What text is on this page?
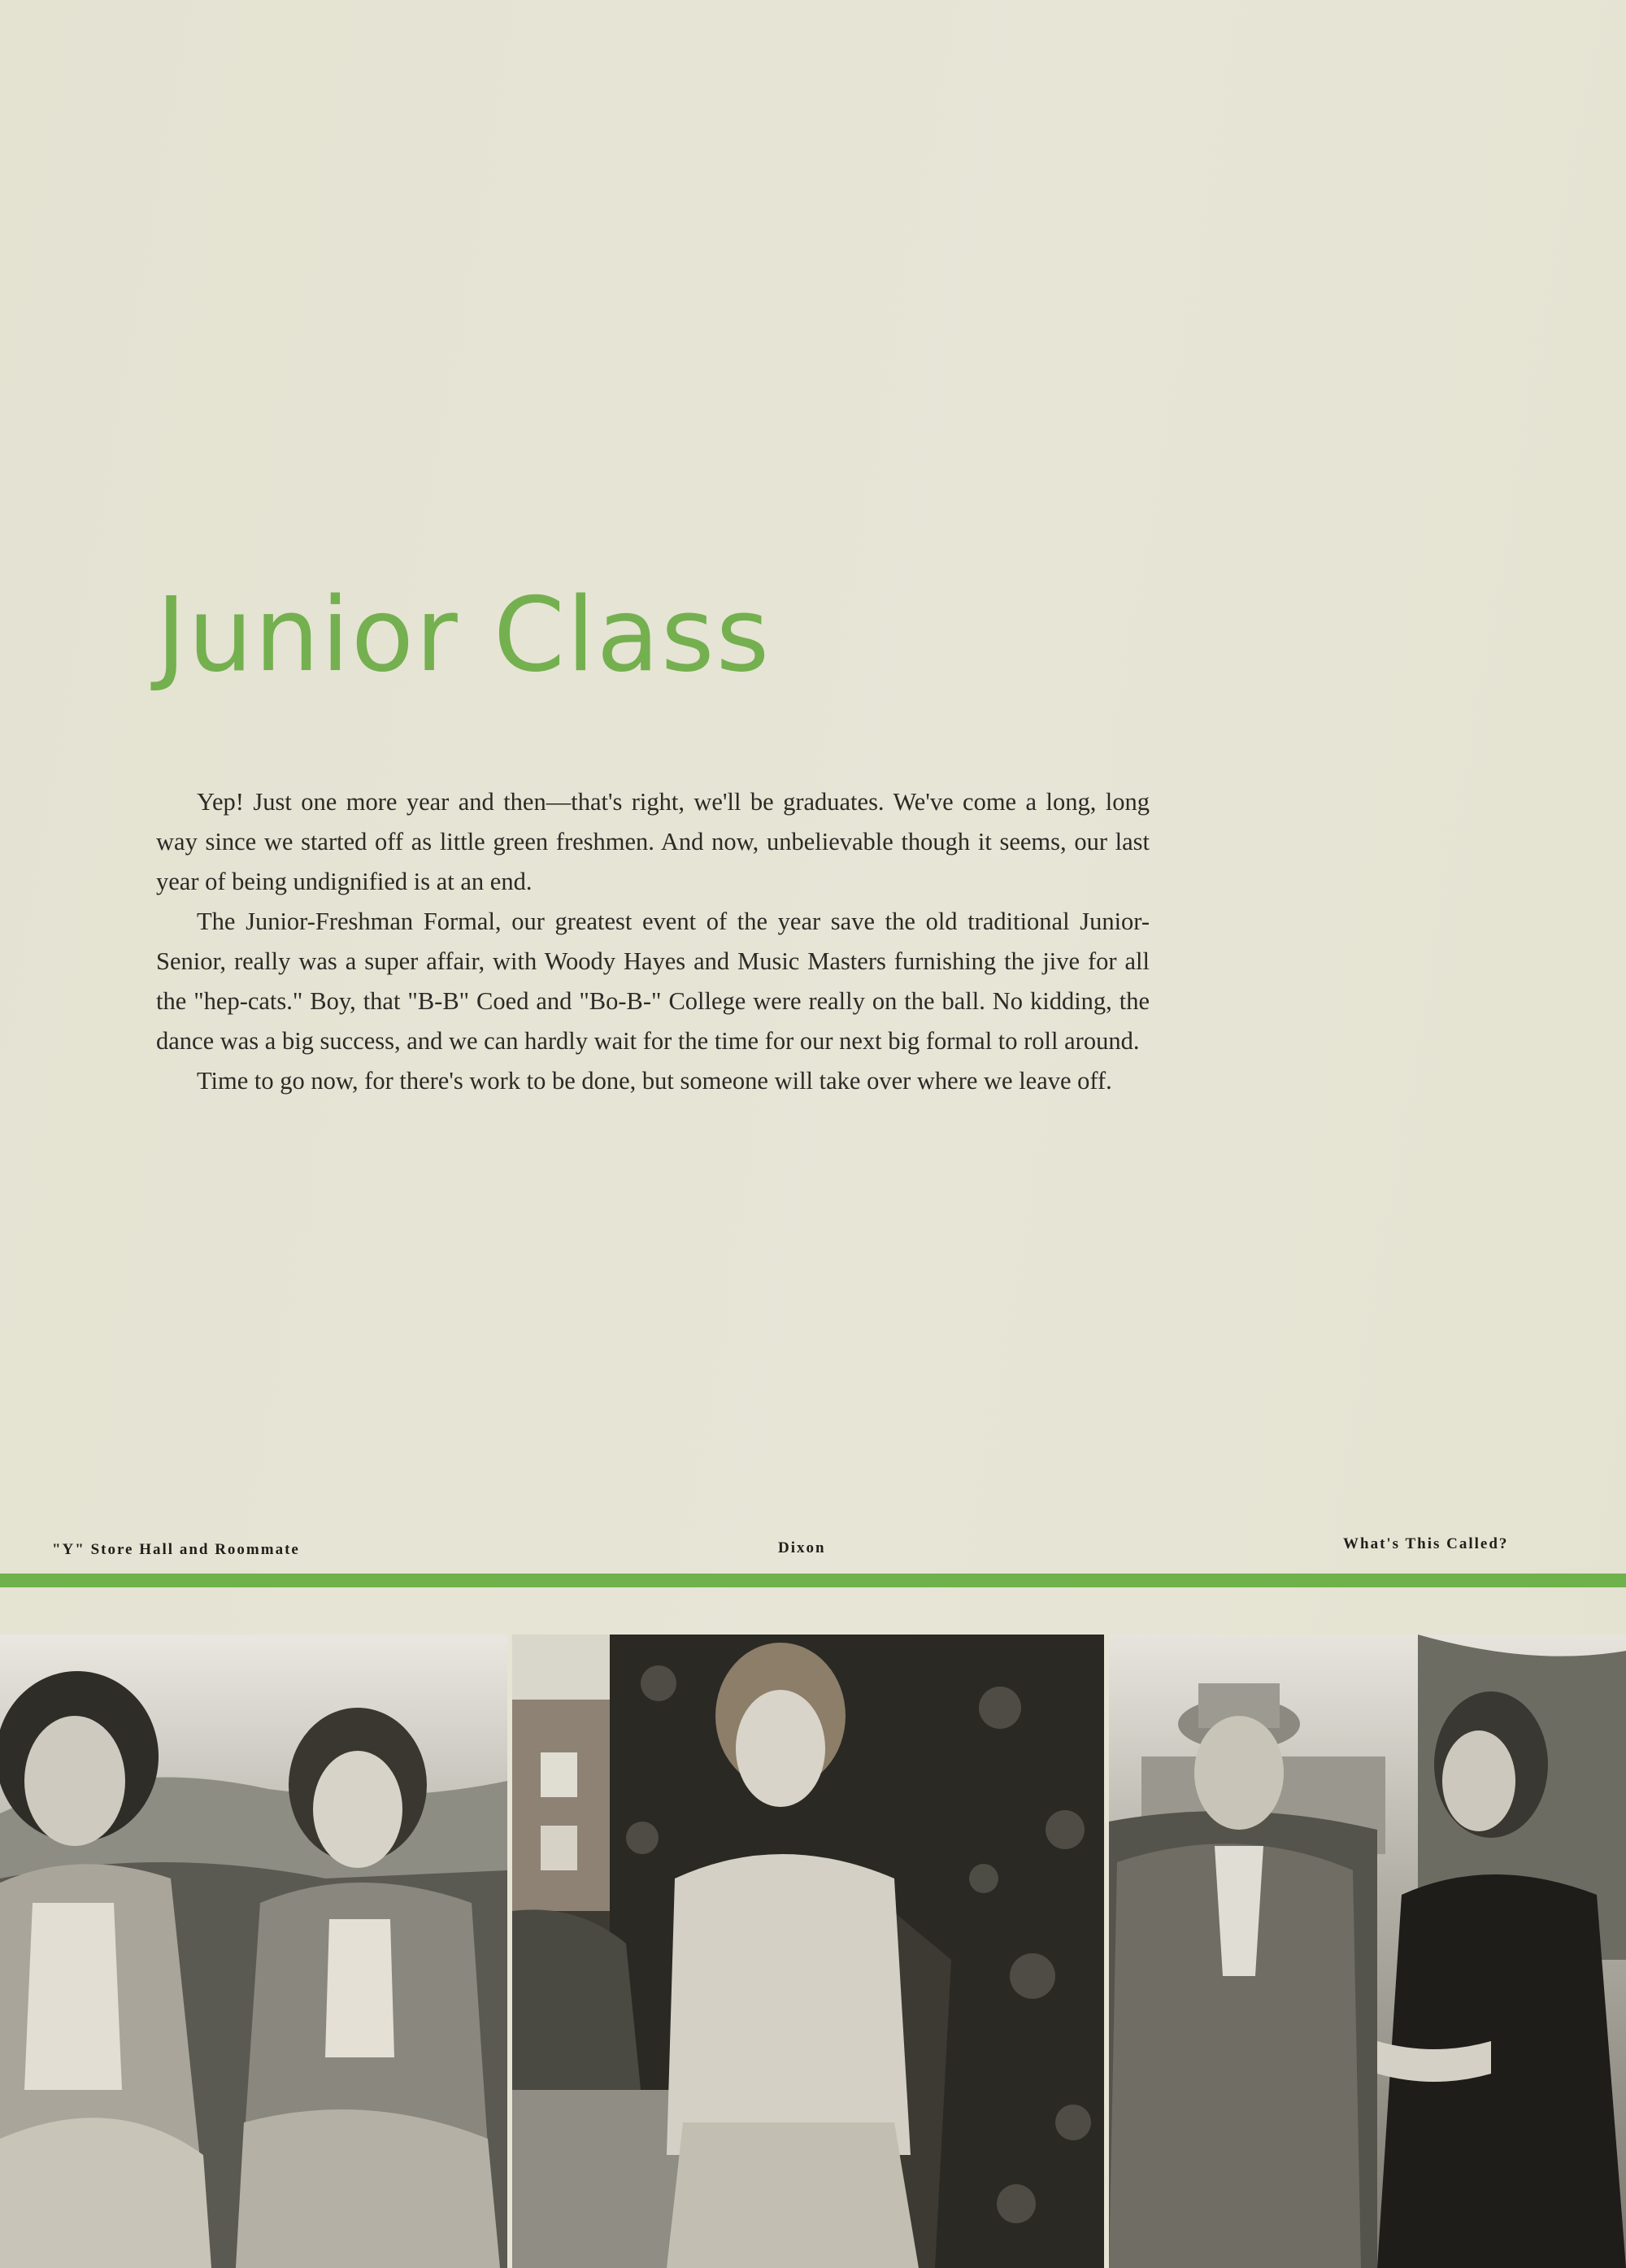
Junior Class

Yep! Just one more year and then—that's right, we'll be graduates. We've come a long, long way since we started off as little green freshmen. And now, unbelievable though it seems, our last year of being undignified is at an end.

The Junior-Freshman Formal, our greatest event of the year save the old traditional Junior-Senior, really was a super affair, with Woody Hayes and Music Masters furnishing the jive for all the "hep-cats." Boy, that "B-B" Coed and "Bo-B-" College were really on the ball. No kidding, the dance was a big success, and we can hardly wait for the time for our next big formal to roll around.

Time to go now, for there's work to be done, but someone will take over where we leave off.

"Y" Store Hall and Roommate	Dixon	What's This Called?
